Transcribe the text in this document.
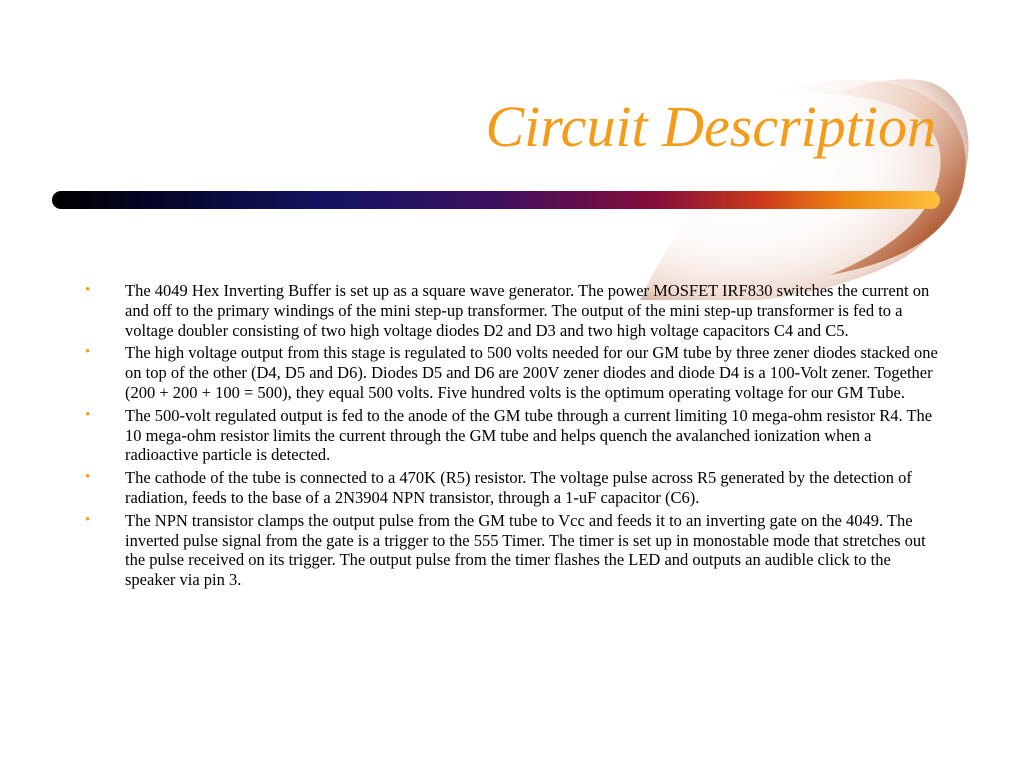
Circuit Description
• The 4049 Hex Inverting Buffer is set up as a square wave generator. The power MOSFET IRF830 switches the current on and off to the primary windings of the mini step-up transformer. The output of the mini step-up transformer is fed to a voltage doubler consisting of two high voltage diodes D2 and D3 and two high voltage capacitors C4 and C5.
• The high voltage output from this stage is regulated to 500 volts needed for our GM tube by three zener diodes stacked one on top of the other (D4, D5 and D6). Diodes D5 and D6 are 200V zener diodes and diode D4 is a 100-Volt zener. Together (200 + 200 + 100 = 500), they equal 500 volts. Five hundred volts is the optimum operating voltage for our GM Tube.
• The 500-volt regulated output is fed to the anode of the GM tube through a current limiting 10 mega-ohm resistor R4. The 10 mega-ohm resistor limits the current through the GM tube and helps quench the avalanched ionization when a radioactive particle is detected.
• The cathode of the tube is connected to a 470K (R5) resistor. The voltage pulse across R5 generated by the detection of radiation, feeds to the base of a 2N3904 NPN transistor, through a 1-uF capacitor (C6).
• The NPN transistor clamps the output pulse from the GM tube to Vcc and feeds it to an inverting gate on the 4049. The inverted pulse signal from the gate is a trigger to the 555 Timer. The timer is set up in monostable mode that stretches out the pulse received on its trigger. The output pulse from the timer flashes the LED and outputs an audible click to the speaker via pin 3.
